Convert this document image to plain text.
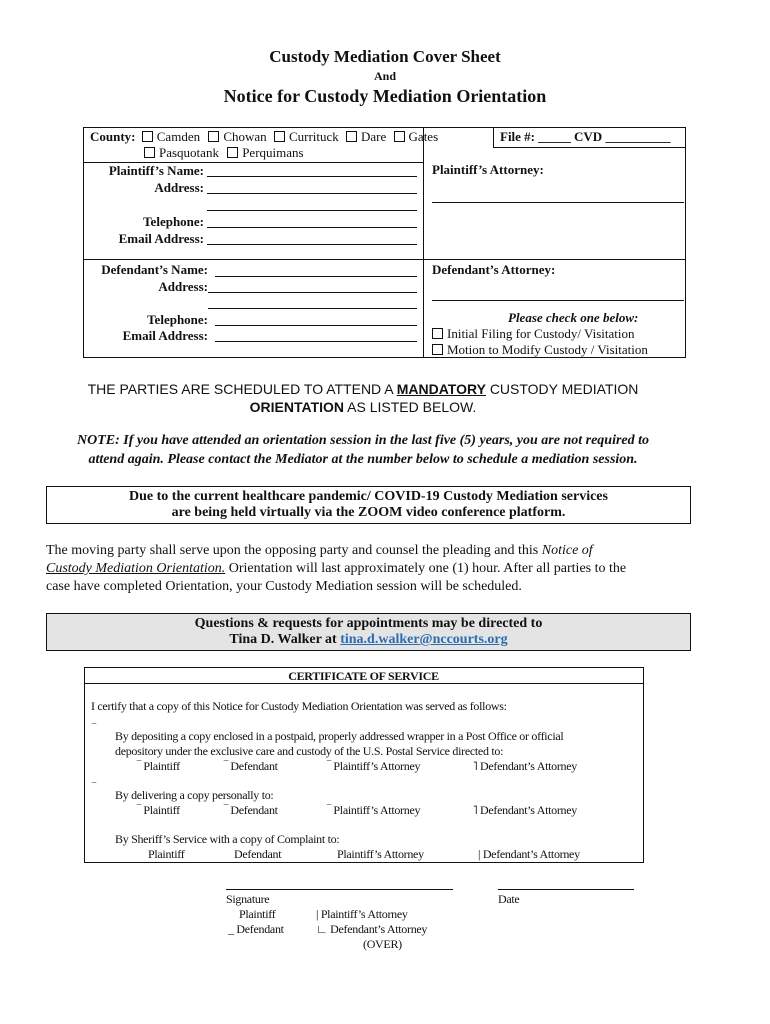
Custody Mediation Cover Sheet
And
Notice for Custody Mediation Orientation
County: Camden Chowan Currituck Dare Gates
Pasquotank Perquimans
File #: _____ CVD __________
Plaintiff’s Name:
Address:

Telephone:
Email Address:
Plaintiff’s Attorney:
Defendant’s Name:
Address:

Telephone:
Email Address:
Defendant’s Attorney:
Please check one below:
Initial Filing for Custody/ Visitation
Motion to Modify Custody / Visitation
THE PARTIES ARE SCHEDULED TO ATTEND A MANDATORY CUSTODY MEDIATION
ORIENTATION AS LISTED BELOW.
NOTE: If you have attended an orientation session in the last five (5) years, you are not required to
attend again. Please contact the Mediator at the number below to schedule a mediation session.
Due to the current healthcare pandemic/ COVID-19 Custody Mediation services
are being held virtually via the ZOOM video conference platform.
The moving party shall serve upon the opposing party and counsel the pleading and this Notice of
Custody Mediation Orientation. Orientation will last approximately one (1) hour. After all parties to the
case have completed Orientation, your Custody Mediation session will be scheduled.
Questions & requests for appointments may be directed to
Tina D. Walker at tina.d.walker@nccourts.org
CERTIFICATE OF SERVICE
I certify that a copy of this Notice for Custody Mediation Orientation was served as follows:
‾ By depositing a copy enclosed in a postpaid, properly addressed wrapper in a Post Office or official
depository under the exclusive care and custody of the U.S. Postal Service directed to:
‾ Plaintiff	‾ Defendant	‾ Plaintiff’s Attorney	˥ Defendant’s Attorney
‾ By delivering a copy personally to:
‾ Plaintiff	‾ Defendant	‾ Plaintiff’s Attorney	˥ Defendant’s Attorney
By Sheriff’s Service with a copy of Complaint to:
Plaintiff	Defendant	Plaintiff’s Attorney	| Defendant’s Attorney
Signature	Date
Plaintiff
_ Defendant
| Plaintiff’s Attorney
∟ Defendant’s Attorney
(OVER)
